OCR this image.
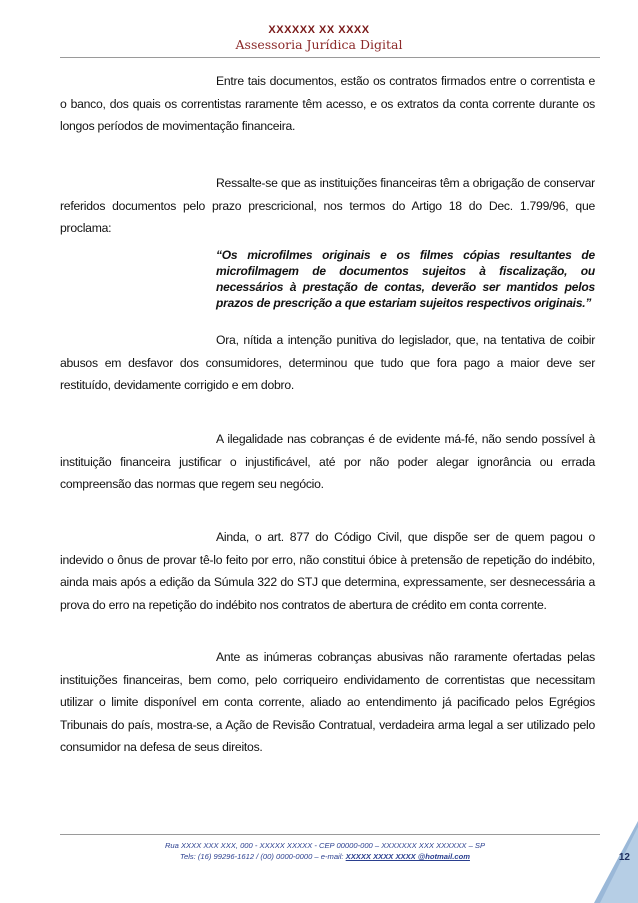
XXXXXX XX XXXX
Assessoria Jurídica Digital

Entre tais documentos, estão os contratos firmados entre o correntista e o banco, dos quais os correntistas raramente têm acesso, e os extratos da conta corrente durante os longos períodos de movimentação financeira.

Ressalte-se que as instituições financeiras têm a obrigação de conservar referidos documentos pelo prazo prescricional, nos termos do Artigo 18 do Dec. 1.799/96, que proclama:

“Os microfilmes originais e os filmes cópias resultantes de microfilmagem de documentos sujeitos à fiscalização, ou necessários à prestação de contas, deverão ser mantidos pelos prazos de prescrição a que estariam sujeitos respectivos originais.”

Ora, nítida a intenção punitiva do legislador, que, na tentativa de coibir abusos em desfavor dos consumidores, determinou que tudo que fora pago a maior deve ser restituído, devidamente corrigido e em dobro.

A ilegalidade nas cobranças é de evidente má-fé, não sendo possível à instituição financeira justificar o injustificável, até por não poder alegar ignorância ou errada compreensão das normas que regem seu negócio.

Ainda, o art. 877 do Código Civil, que dispõe ser de quem pagou o indevido o ônus de provar tê-lo feito por erro, não constitui óbice à pretensão de repetição do indébito, ainda mais após a edição da Súmula 322 do STJ que determina, expressamente, ser desnecessária a prova do erro na repetição do indébito nos contratos de abertura de crédito em conta corrente.

Ante as inúmeras cobranças abusivas não raramente ofertadas pelas instituições financeiras, bem como, pelo corriqueiro endividamento de correntistas que necessitam utilizar o limite disponível em conta corrente, aliado ao entendimento já pacificado pelos Egrégios Tribunais do país, mostra-se, a Ação de Revisão Contratual, verdadeira arma legal a ser utilizado pelo consumidor na defesa de seus direitos.

Rua XXXX XXX XXX, 000 - XXXXX XXXXX - CEP 00000-000 – XXXXXXX XXX XXXXXX – SP
Tels: (16) 99296-1612 / (00) 0000-0000 – e-mail: XXXXX XXXX XXXX @hotmail.com	12
